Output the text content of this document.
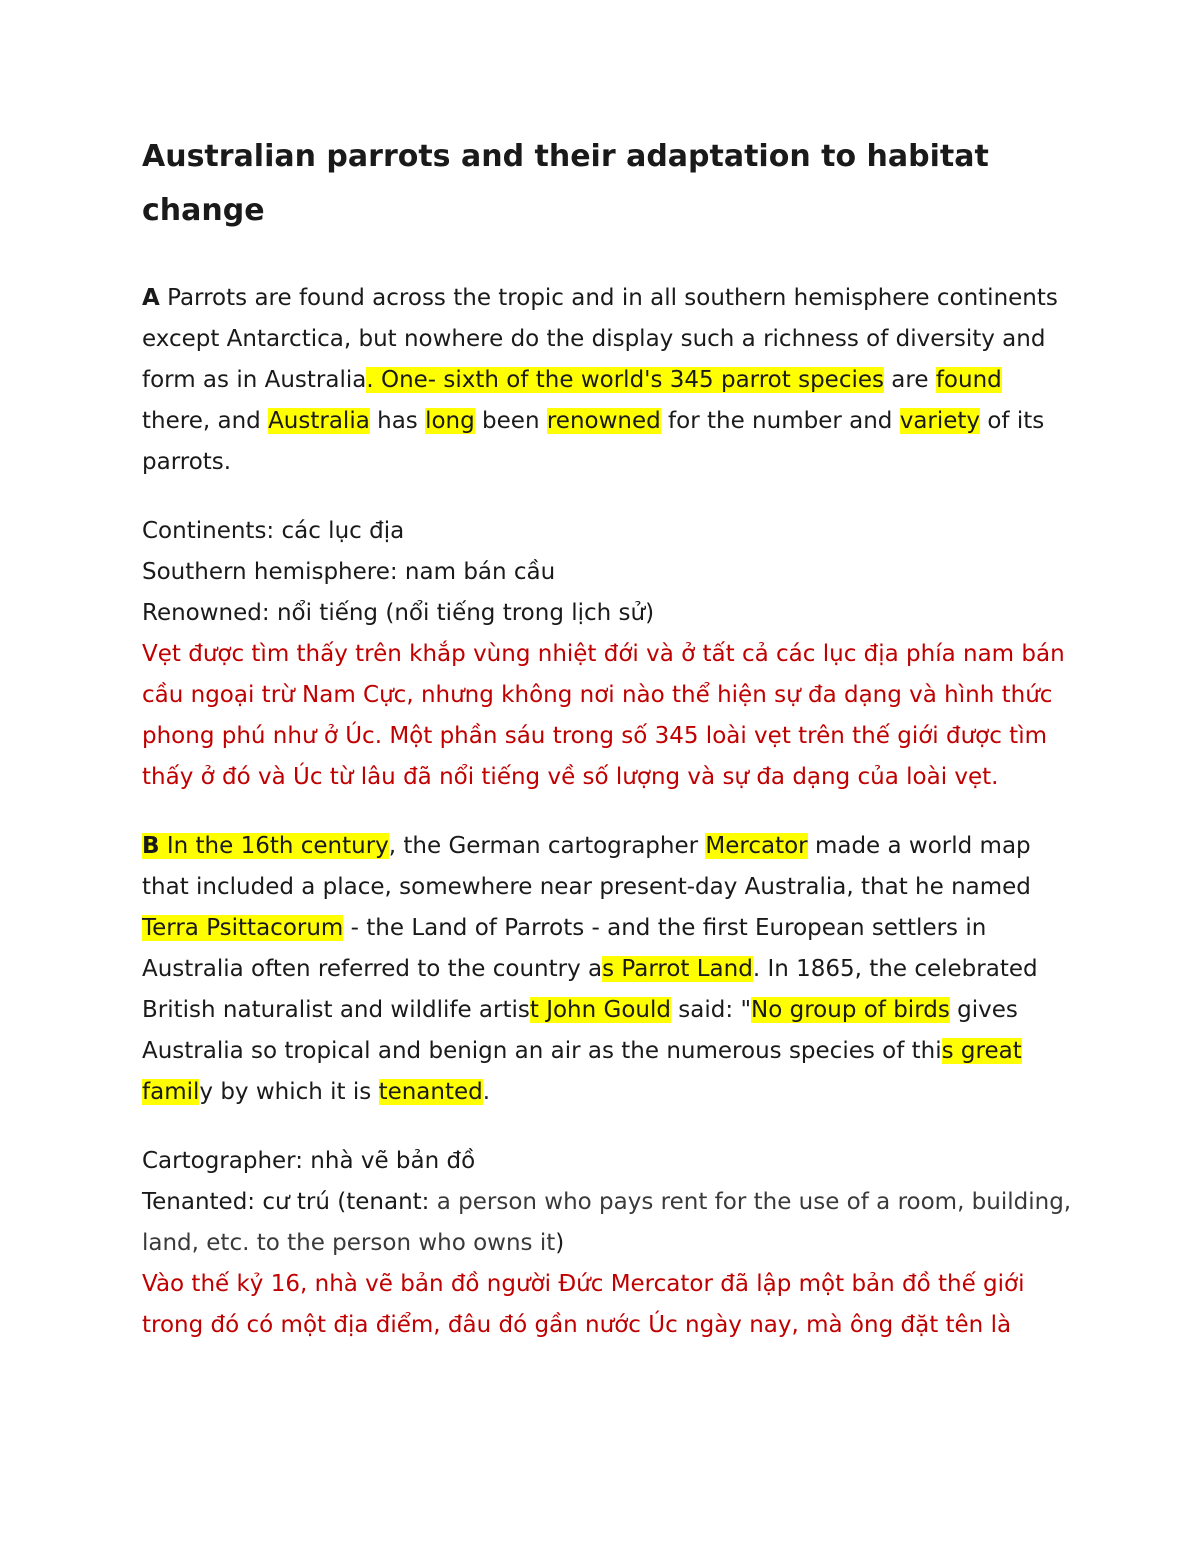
Australian parrots and their adaptation to habitat change

A Parrots are found across the tropic and in all southern hemisphere continents except Antarctica, but nowhere do the display such a richness of diversity and form as in Australia. One- sixth of the world's 345 parrot species are found there, and Australia has long been renowned for the number and variety of its parrots.

Continents: các lục địa

Southern hemisphere: nam bán cầu

Renowned: nổi tiếng (nổi tiếng trong lịch sử)

Vẹt được tìm thấy trên khắp vùng nhiệt đới và ở tất cả các lục địa phía nam bán cầu ngoại trừ Nam Cực, nhưng không nơi nào thể hiện sự đa dạng và hình thức phong phú như ở Úc. Một phần sáu trong số 345 loài vẹt trên thế giới được tìm thấy ở đó và Úc từ lâu đã nổi tiếng về số lượng và sự đa dạng của loài vẹt.

B In the 16th century, the German cartographer Mercator made a world map that included a place, somewhere near present-day Australia, that he named Terra Psittacorum - the Land of Parrots - and the first European settlers in Australia often referred to the country as Parrot Land. In 1865, the celebrated British naturalist and wildlife artist John Gould said: "No group of birds gives Australia so tropical and benign an air as the numerous species of this great family by which it is tenanted.

Cartographer: nhà vẽ bản đồ

Tenanted: cư trú (tenant: a person who pays rent for the use of a room, building, land, etc. to the person who owns it)

Vào thế kỷ 16, nhà vẽ bản đồ người Đức Mercator đã lập một bản đồ thế giới trong đó có một địa điểm, đâu đó gần nước Úc ngày nay, mà ông đặt tên là
